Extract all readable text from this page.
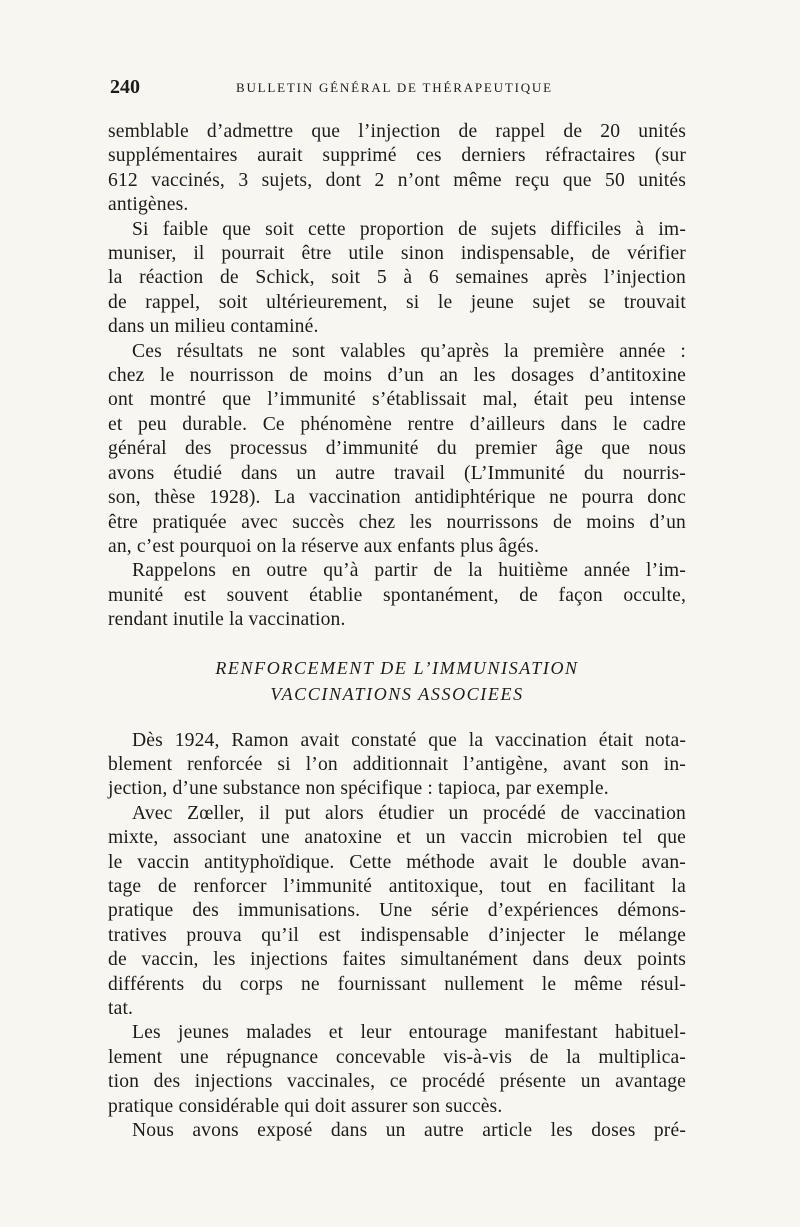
240	BULLETIN GÉNÉRAL DE THÉRAPEUTIQUE
semblable d’admettre que l’injection de rappel de 20 unités
supplémentaires aurait supprimé ces derniers réfractaires (sur
612 vaccinés, 3 sujets, dont 2 n’ont même reçu que 50 unités
antigènes.
Si faible que soit cette proportion de sujets difficiles à im-
muniser, il pourrait être utile sinon indispensable, de vérifier
la réaction de Schick, soit 5 à 6 semaines après l’injection
de rappel, soit ultérieurement, si le jeune sujet se trouvait
dans un milieu contaminé.
Ces résultats ne sont valables qu’après la première année :
chez le nourrisson de moins d’un an les dosages d’antitoxine
ont montré que l’immunité s’établissait mal, était peu intense
et peu durable. Ce phénomène rentre d’ailleurs dans le cadre
général des processus d’immunité du premier âge que nous
avons étudié dans un autre travail (L’Immunité du nourris-
son, thèse 1928). La vaccination antidiphtérique ne pourra donc
être pratiquée avec succès chez les nourrissons de moins d’un
an, c’est pourquoi on la réserve aux enfants plus âgés.
Rappelons en outre qu’à partir de la huitième année l’im-
munité est souvent établie spontanément, de façon occulte,
rendant inutile la vaccination.
RENFORCEMENT DE L’IMMUNISATION
VACCINATIONS ASSOCIEES
Dès 1924, Ramon avait constaté que la vaccination était nota-
blement renforcée si l’on additionnait l’antigène, avant son in-
jection, d’une substance non spécifique : tapioca, par exemple.
Avec Zœller, il put alors étudier un procédé de vaccination
mixte, associant une anatoxine et un vaccin microbien tel que
le vaccin antityphoïdique. Cette méthode avait le double avan-
tage de renforcer l’immunité antitoxique, tout en facilitant la
pratique des immunisations. Une série d’expériences démons-
tratives prouva qu’il est indispensable d’injecter le mélange
de vaccin, les injections faites simultanément dans deux points
différents du corps ne fournissant nullement le même résul-
tat.
Les jeunes malades et leur entourage manifestant habituel-
lement une répugnance concevable vis-à-vis de la multiplica-
tion des injections vaccinales, ce procédé présente un avantage
pratique considérable qui doit assurer son succès.
Nous avons exposé dans un autre article les doses pré-
